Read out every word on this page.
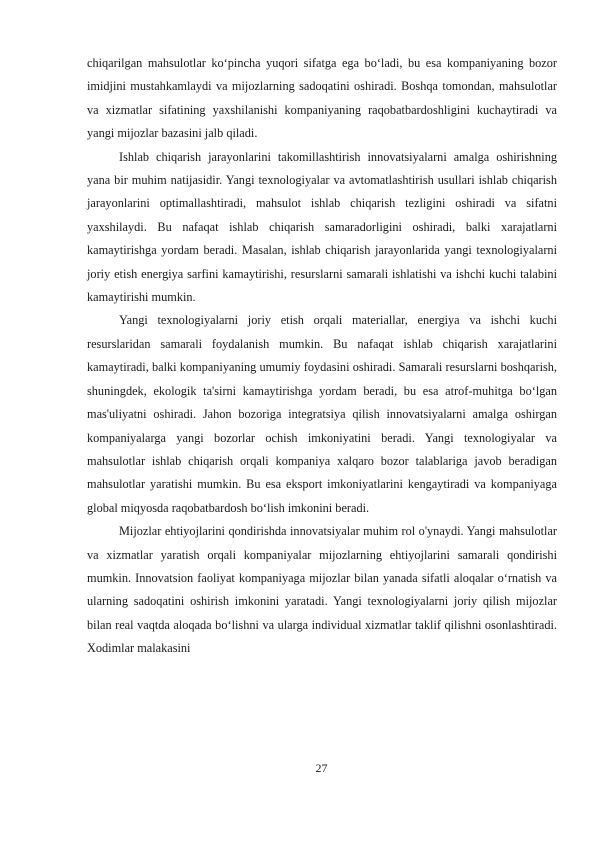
chiqarilgan mahsulotlar ko‘pincha yuqori sifatga ega bo‘ladi, bu esa kompaniyaning bozor imidjini mustahkamlaydi va mijozlarning sadoqatini oshiradi. Boshqa tomondan, mahsulotlar va xizmatlar sifatining yaxshilanishi kompaniyaning raqobatbardoshligini kuchaytiradi va yangi mijozlar bazasini jalb qiladi.

Ishlab chiqarish jarayonlarini takomillashtirish innovatsiyalarni amalga oshirishning yana bir muhim natijasidir. Yangi texnologiyalar va avtomatlashtirish usullari ishlab chiqarish jarayonlarini optimallashtiradi, mahsulot ishlab chiqarish tezligini oshiradi va sifatni yaxshilaydi. Bu nafaqat ishlab chiqarish samaradorligini oshiradi, balki xarajatlarni kamaytirishga yordam beradi. Masalan, ishlab chiqarish jarayonlarida yangi texnologiyalarni joriy etish energiya sarfini kamaytirishi, resurslarni samarali ishlatishi va ishchi kuchi talabini kamaytirishi mumkin.

Yangi texnologiyalarni joriy etish orqali materiallar, energiya va ishchi kuchi resurslaridan samarali foydalanish mumkin. Bu nafaqat ishlab chiqarish xarajatlarini kamaytiradi, balki kompaniyaning umumiy foydasini oshiradi. Samarali resurslarni boshqarish, shuningdek, ekologik ta'sirni kamaytirishga yordam beradi, bu esa atrof-muhitga bo‘lgan mas'uliyatni oshiradi. Jahon bozoriga integratsiya qilish innovatsiyalarni amalga oshirgan kompaniyalarga yangi bozorlar ochish imkoniyatini beradi. Yangi texnologiyalar va mahsulotlar ishlab chiqarish orqali kompaniya xalqaro bozor talablariga javob beradigan mahsulotlar yaratishi mumkin. Bu esa eksport imkoniyatlarini kengaytiradi va kompaniyaga global miqyosda raqobatbardosh bo‘lish imkonini beradi.

Mijozlar ehtiyojlarini qondirishda innovatsiyalar muhim rol o'ynaydi. Yangi mahsulotlar va xizmatlar yaratish orqali kompaniyalar mijozlarning ehtiyojlarini samarali qondirishi mumkin. Innovatsion faoliyat kompaniyaga mijozlar bilan yanada sifatli aloqalar o‘rnatish va ularning sadoqatini oshirish imkonini yaratadi. Yangi texnologiyalarni joriy qilish mijozlar bilan real vaqtda aloqada bo‘lishni va ularga individual xizmatlar taklif qilishni osonlashtiradi. Xodimlar malakasini

27
